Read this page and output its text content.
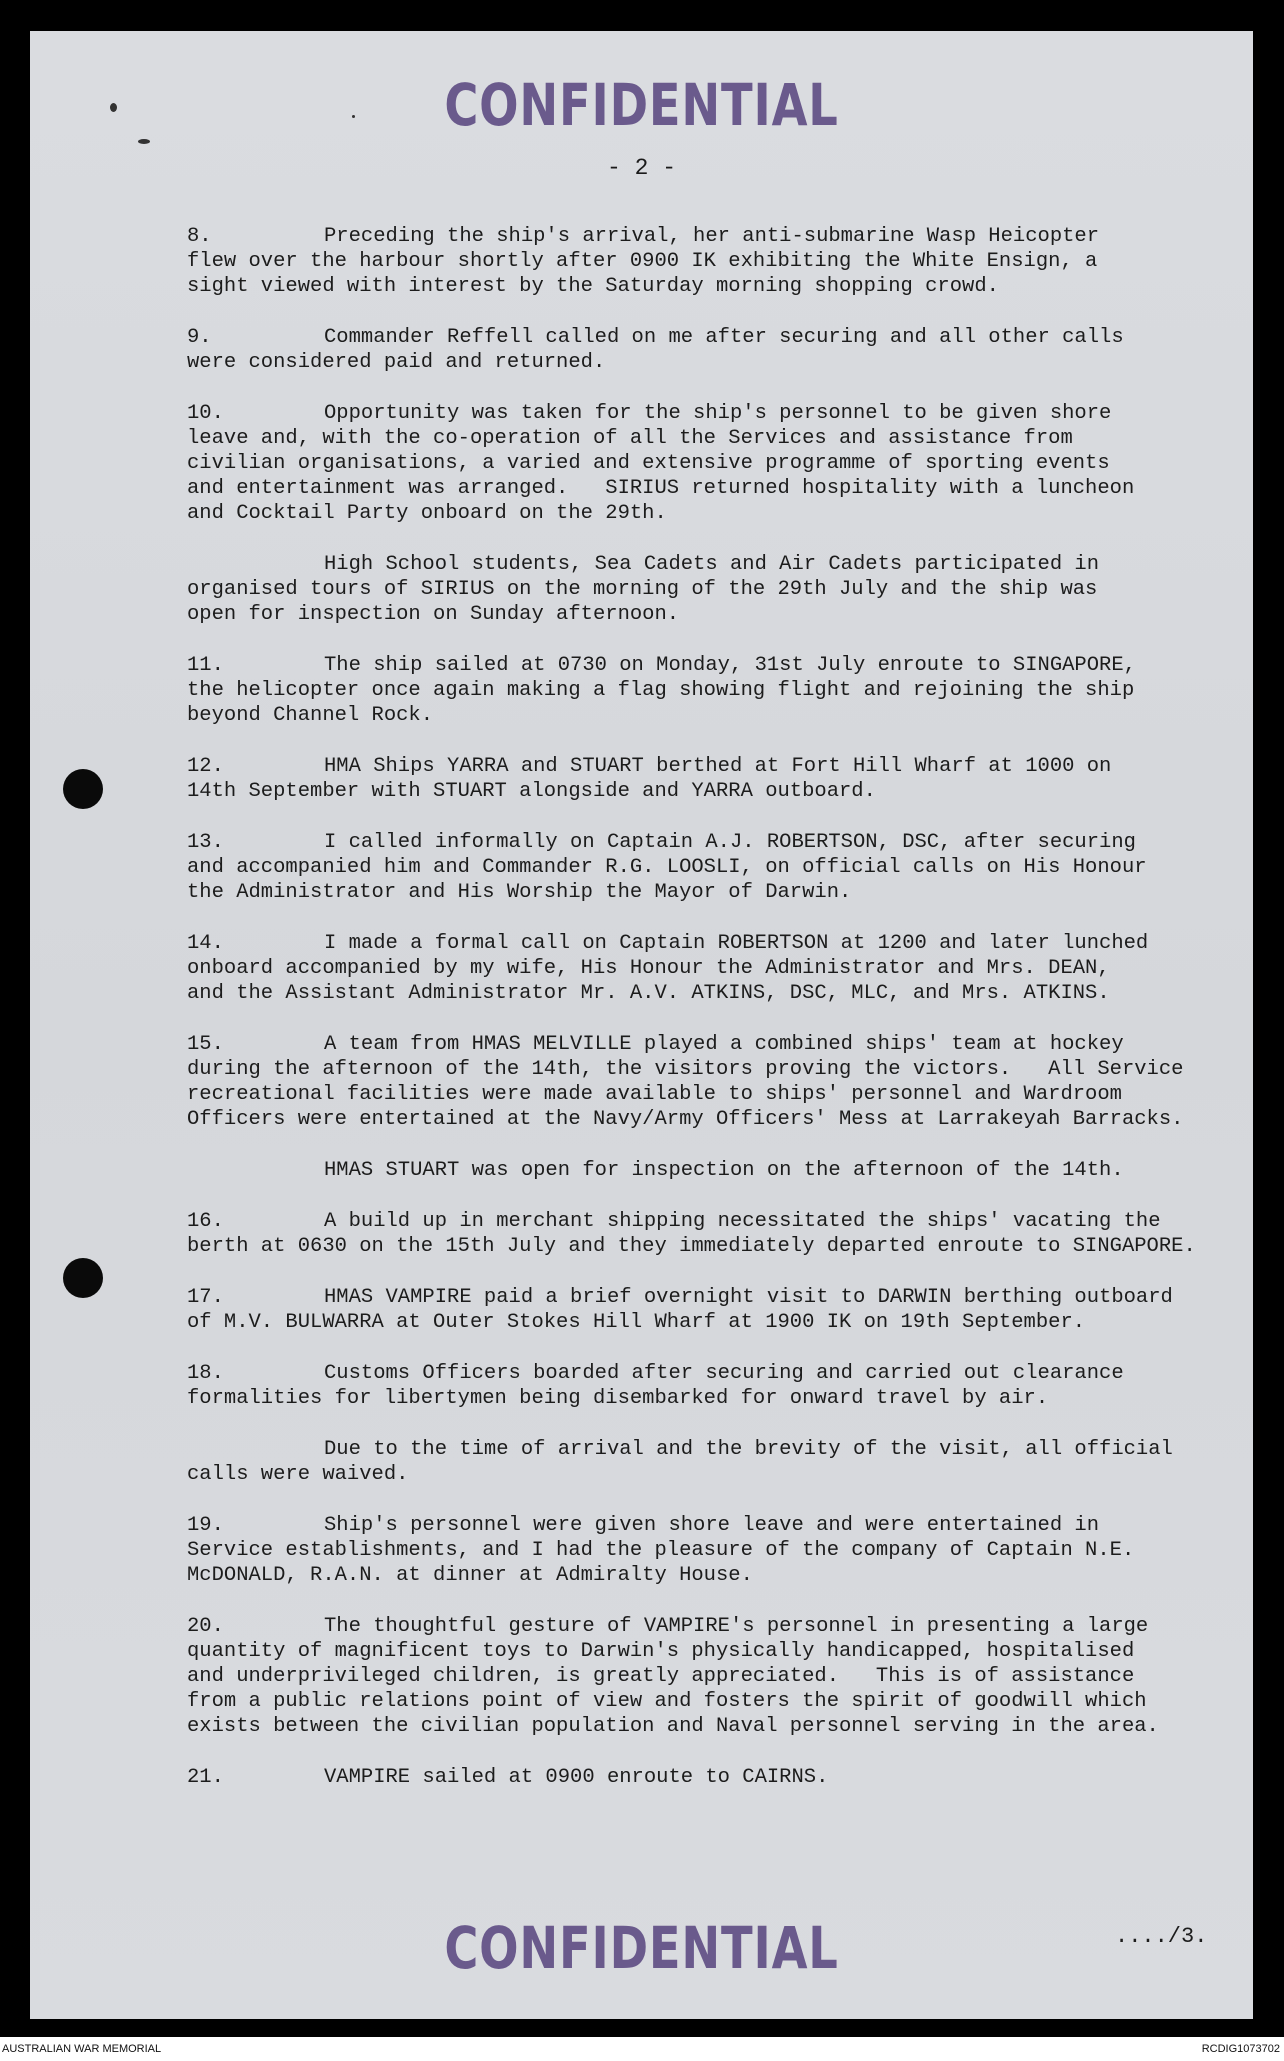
CONFIDENTIAL
- 2 -
8.	Preceding the ship's arrival, her anti-submarine Wasp Heicopter
flew over the harbour shortly after 0900 IK exhibiting the White Ensign, a
sight viewed with interest by the Saturday morning shopping crowd.
9.	Commander Reffell called on me after securing and all other calls
were considered paid and returned.
10.	Opportunity was taken for the ship's personnel to be given shore
leave and, with the co-operation of all the Services and assistance from
civilian organisations, a varied and extensive programme of sporting events
and entertainment was arranged.   SIRIUS returned hospitality with a luncheon
and Cocktail Party onboard on the 29th.
High School students, Sea Cadets and Air Cadets participated in
organised tours of SIRIUS on the morning of the 29th July and the ship was
open for inspection on Sunday afternoon.
11.	The ship sailed at 0730 on Monday, 31st July enroute to SINGAPORE,
the helicopter once again making a flag showing flight and rejoining the ship
beyond Channel Rock.
12.	HMA Ships YARRA and STUART berthed at Fort Hill Wharf at 1000 on
14th September with STUART alongside and YARRA outboard.
13.	I called informally on Captain A.J. ROBERTSON, DSC, after securing
and accompanied him and Commander R.G. LOOSLI, on official calls on His Honour
the Administrator and His Worship the Mayor of Darwin.
14.	I made a formal call on Captain ROBERTSON at 1200 and later lunched
onboard accompanied by my wife, His Honour the Administrator and Mrs. DEAN,
and the Assistant Administrator Mr. A.V. ATKINS, DSC, MLC, and Mrs. ATKINS.
15.	A team from HMAS MELVILLE played a combined ships' team at hockey
during the afternoon of the 14th, the visitors proving the victors.   All Service
recreational facilities were made available to ships' personnel and Wardroom
Officers were entertained at the Navy/Army Officers' Mess at Larrakeyah Barracks.
HMAS STUART was open for inspection on the afternoon of the 14th.
16.	A build up in merchant shipping necessitated the ships' vacating the
berth at 0630 on the 15th July and they immediately departed enroute to SINGAPORE.
17.	HMAS VAMPIRE paid a brief overnight visit to DARWIN berthing outboard
of M.V. BULWARRA at Outer Stokes Hill Wharf at 1900 IK on 19th September.
18.	Customs Officers boarded after securing and carried out clearance
formalities for libertymen being disembarked for onward travel by air.
Due to the time of arrival and the brevity of the visit, all official
calls were waived.
19.	Ship's personnel were given shore leave and were entertained in
Service establishments, and I had the pleasure of the company of Captain N.E.
McDONALD, R.A.N. at dinner at Admiralty House.
20.	The thoughtful gesture of VAMPIRE's personnel in presenting a large
quantity of magnificent toys to Darwin's physically handicapped, hospitalised
and underprivileged children, is greatly appreciated.   This is of assistance
from a public relations point of view and fosters the spirit of goodwill which
exists between the civilian population and Naval personnel serving in the area.
21.	VAMPIRE sailed at 0900 enroute to CAIRNS.
..../3.
CONFIDENTIAL
AUSTRALIAN WAR MEMORIAL	RCDIG1073702
